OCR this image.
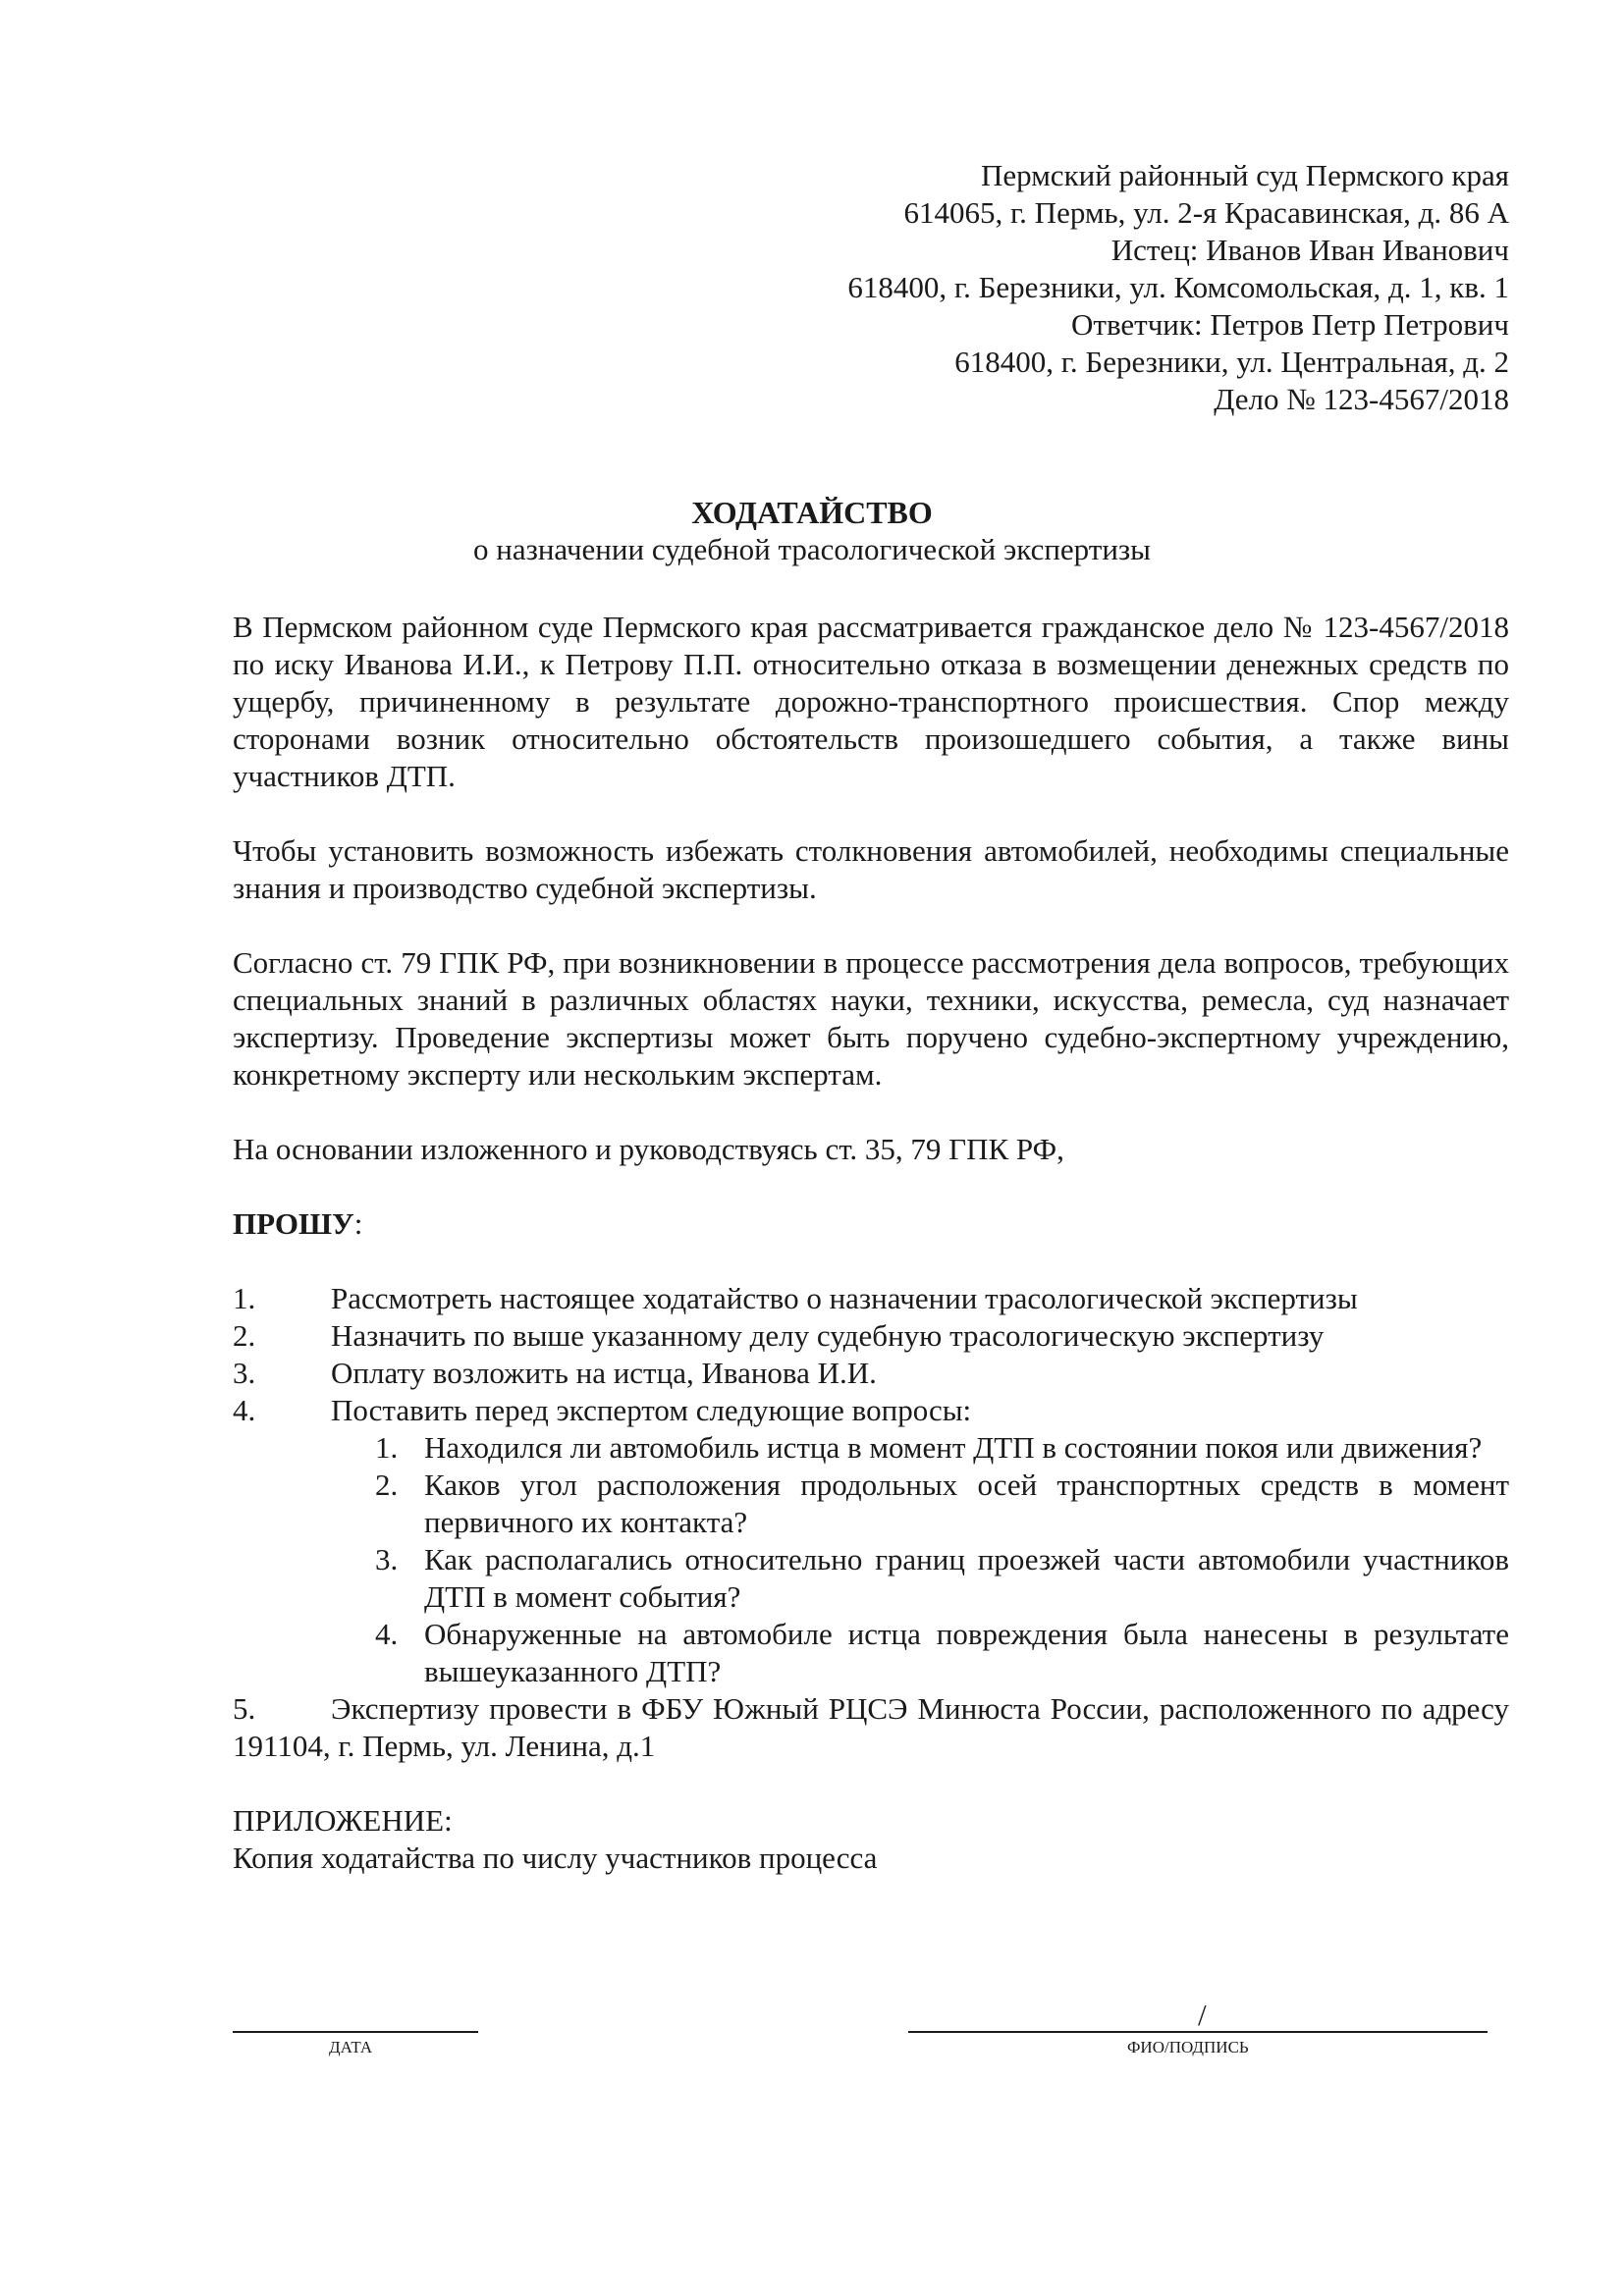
Пермский районный суд Пермского края
614065, г. Пермь, ул. 2-я Красавинская, д. 86 А
Истец: Иванов Иван Иванович
618400, г. Березники, ул. Комсомольская, д. 1, кв. 1
Ответчик: Петров Петр Петрович
618400, г. Березники, ул. Центральная, д. 2
Дело № 123-4567/2018
ХОДАТАЙСТВО
о назначении судебной трасологической экспертизы

В Пермском районном суде Пермского края рассматривается гражданское дело № 123-4567/2018 по иску Иванова И.И., к Петрову П.П. относительно отказа в возмещении денежных средств по ущербу, причиненному в результате дорожно-транспортного происшествия. Спор между сторонами возник относительно обстоятельств произошедшего события, а также вины участников ДТП.

Чтобы установить возможность избежать столкновения автомобилей, необходимы специальные знания и производство судебной экспертизы.

Согласно ст. 79 ГПК РФ, при возникновении в процессе рассмотрения дела вопросов, требующих специальных знаний в различных областях науки, техники, искусства, ремесла, суд назначает экспертизу. Проведение экспертизы может быть поручено судебно-экспертному учреждению, конкретному эксперту или нескольким экспертам.

На основании изложенного и руководствуясь ст. 35, 79 ГПК РФ,

ПРОШУ:
1.	Рассмотреть настоящее ходатайство о назначении трасологической экспертизы
2.	Назначить по выше указанному делу судебную трасологическую экспертизу
3.	Оплату возложить на истца, Иванова И.И.
4.	Поставить перед экспертом следующие вопросы:
1. Находился ли автомобиль истца в момент ДТП в состоянии покоя или движения?
2. Каков угол расположения продольных осей транспортных средств в момент первичного их контакта?
3. Как располагались относительно границ проезжей части автомобили участников ДТП в момент события?
4. Обнаруженные на автомобиле истца повреждения была нанесены в результате вышеуказанного ДТП?
5. Экспертизу провести в ФБУ Южный РЦСЭ Минюста России, расположенного по адресу 191104, г. Пермь, ул. Ленина, д.1
ПРИЛОЖЕНИЕ:
Копия ходатайства по числу участников процесса
ДАТА
/
ФИО/ПОДПИСЬ
